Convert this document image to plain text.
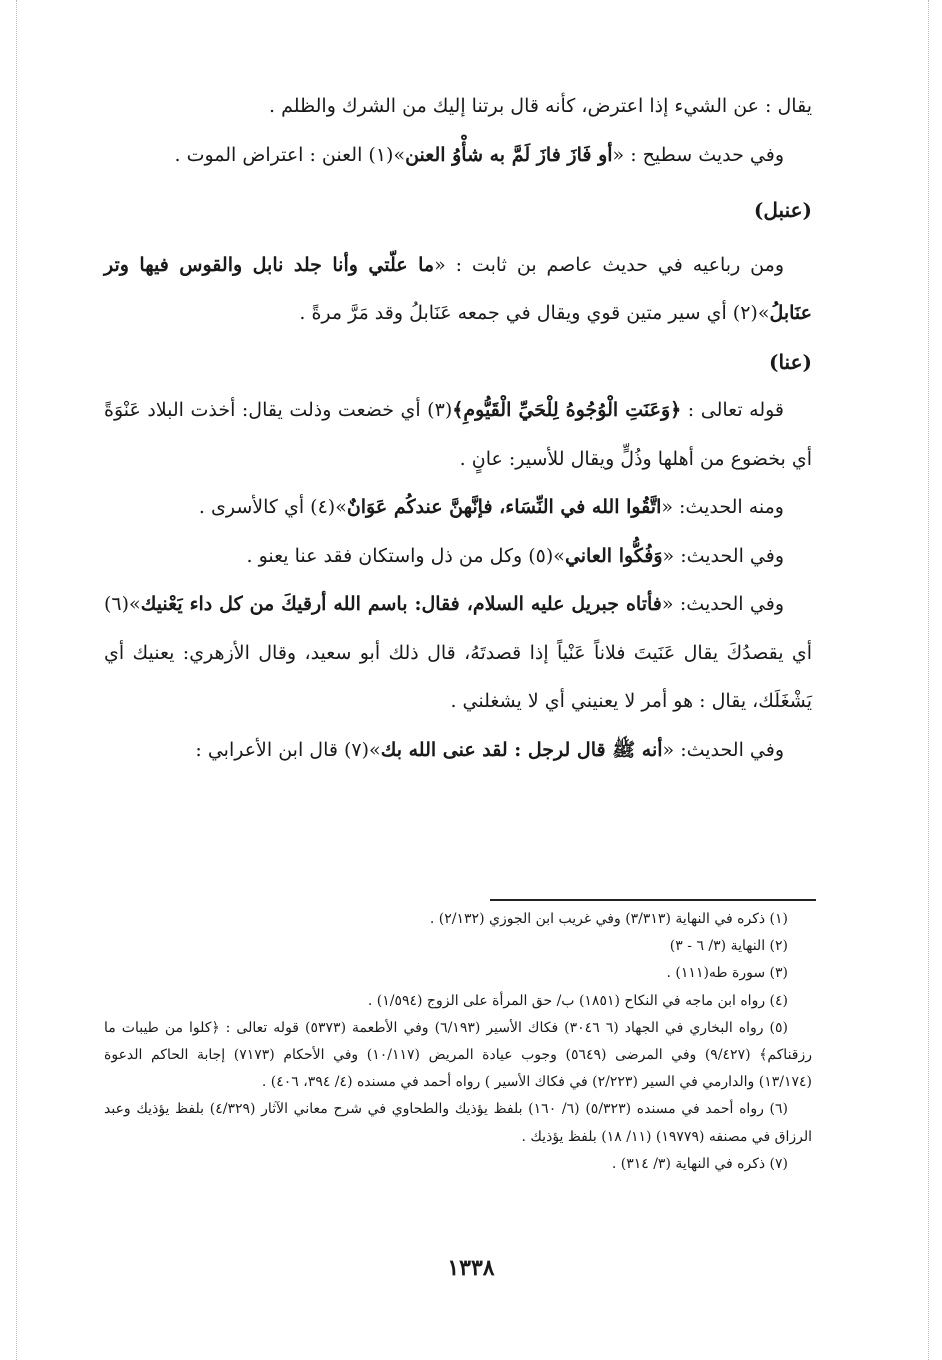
يقال : عن الشيء إذا اعترض، كأنه قال برتنا إليك من الشرك والظلم .

وفي حديث سطيح : «أو فَازَ فازَ لَمَّ به شأْوُ العنن»(١) العنن : اعتراض الموت .

(عنبل)

ومن رباعيه في حديث عاصم بن ثابت : «ما علّتي وأنا جلد نابل والقوس فيها وتر عنَابلُ»(٢) أي سير متين قوي ويقال في جمعه عَنَابلُ وقد مَرَّ مرةً .

(عنا)

قوله تعالى : ﴿وَعَنَتِ الْوُجُوهُ لِلْحَيِّ الْقَيُّومِ﴾(٣) أي خضعت وذلت يقال: أخذت البلاد عَنْوَةً أي بخضوع من أهلها وذُلٍّ ويقال للأسير: عانٍ .

ومنه الحديث: «اتَّقُوا الله في النِّسَاء، فإنَّهنَّ عندكُم عَوَانٌ»(٤) أي كالأسرى .

وفي الحديث: «وَفُكُّوا العاني»(٥) وكل من ذل واستكان فقد عنا يعنو .

وفي الحديث: «فأتاه جبريل عليه السلام، فقال: باسم الله أرقيكَ من كل داء يَعْنيك»(٦) أي يقصدُكَ يقال عَنَيتَ فلاناً عَنْياً إذا قصدتَهُ، قال ذلك أبو سعيد، وقال الأزهري: يعنيك أي يَشْغَلَك، يقال : هو أمر لا يعنيني أي لا يشغلني .

وفي الحديث: «أنه ﷺ قال لرجل : لقد عنى الله بك»(٧) قال ابن الأعرابي :

(١) ذكره في النهاية (٣/٣١٣) وفي غريب ابن الجوزي (٢/١٣٢) .

(٢) النهاية (٣/ ٦ - ٣)

(٣) سورة طه(١١١) .

(٤) رواه ابن ماجه في النكاح (١٨٥١) ب/ حق المرأة على الزوج (١/٥٩٤) .

(٥) رواه البخاري في الجهاد (٦ ٣٠٤٦) فكاك الأسير (٦/١٩٣) وفي الأطعمة (٥٣٧٣) قوله تعالى : ﴿كلوا من طيبات ما رزقناكم﴾ (٩/٤٢٧) وفي المرضى (٥٦٤٩) وجوب عيادة المريض (١٠/١١٧) وفي الأحكام (٧١٧٣) إجابة الحاكم الدعوة (١٣/١٧٤) والدارمي في السير (٢/٢٢٣) في فكاك الأسير ) رواه أحمد في مسنده (٤/ ٣٩٤، ٤٠٦) .

(٦) رواه أحمد في مسنده (٥/٣٢٣) (٦/ ١٦٠) بلفظ يؤذيك والطحاوي في شرح معاني الآثار (٤/٣٢٩) بلفظ يؤذيك وعبد الرزاق في مصنفه (١٩٧٧٩) (١١/ ١٨) بلفظ يؤذيك .

(٧) ذكره في النهاية (٣/ ٣١٤) .

١٣٣٨
